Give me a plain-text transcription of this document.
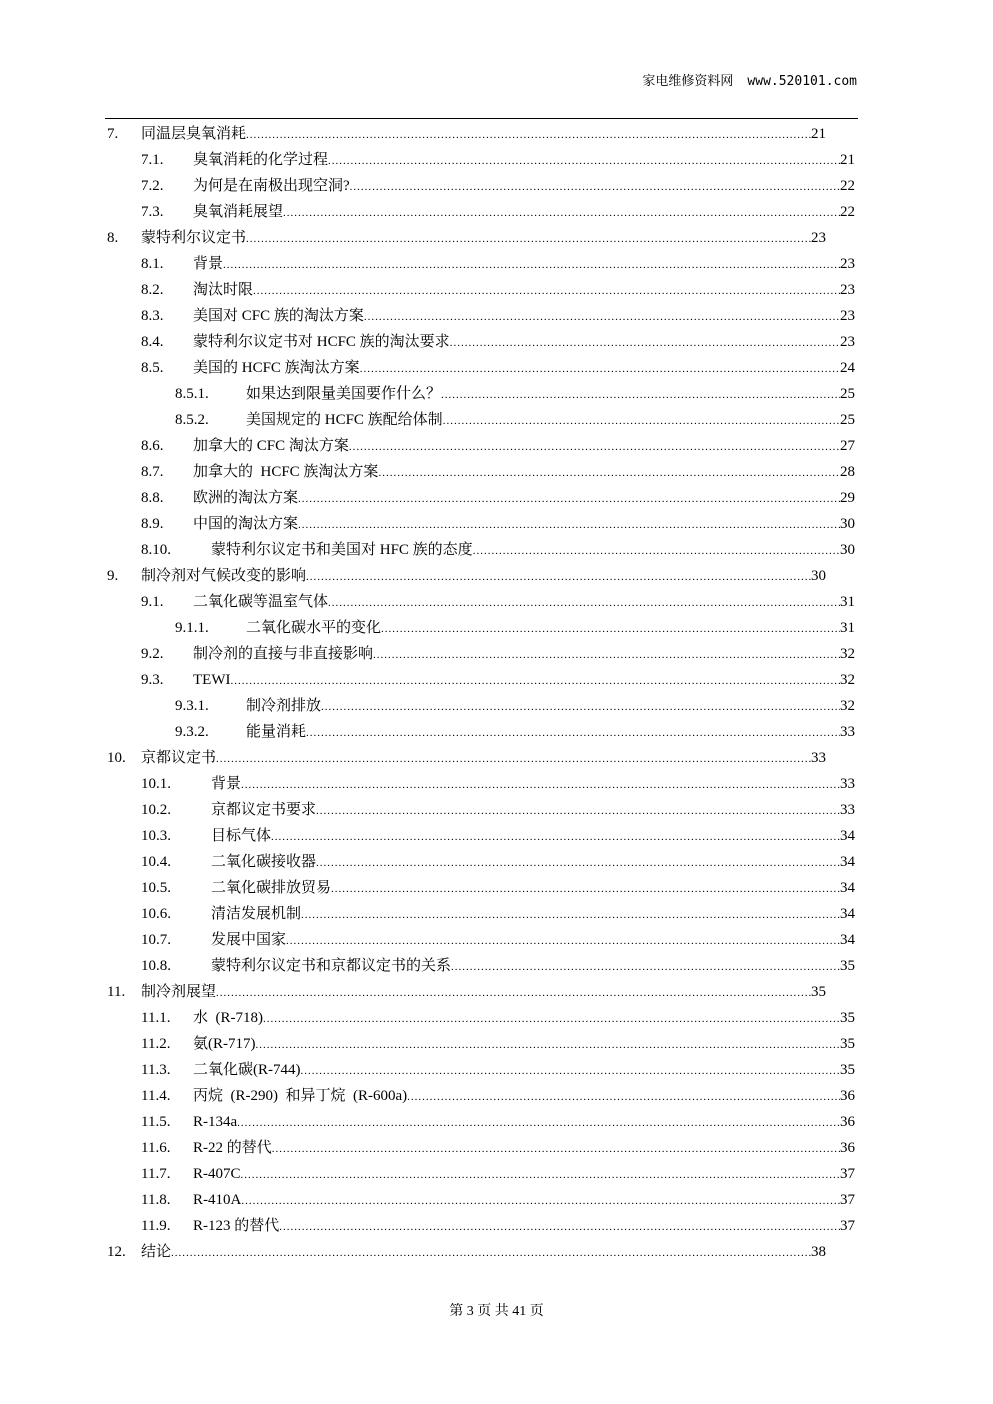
家电维修资料网 www.520101.com
7. 同温层臭氧消耗 .....	21
7.1. 臭氧消耗的化学过程 .....	21
7.2. 为何是在南极出现空洞? .....	22
7.3. 臭氧消耗展望 .....	22
8. 蒙特利尔议定书 .....	23
8.1. 背景 .....	23
8.2. 淘汰时限 .....	23
8.3. 美国对 CFC 族的淘汰方案 .....	23
8.4. 蒙特利尔议定书对 HCFC 族的淘汰要求 .....	23
8.5. 美国的 HCFC 族淘汰方案 .....	24
8.5.1. 如果达到限量美国要作什么？ .....	25
8.5.2. 美国规定的 HCFC 族配给体制 .....	25
8.6. 加拿大的 CFC 淘汰方案 .....	27
8.7. 加拿大的  HCFC 族淘汰方案 .....	28
8.8. 欧洲的淘汰方案 .....	29
8.9. 中国的淘汰方案 .....	30
8.10.	蒙特利尔议定书和美国对 HFC 族的态度 .....	30
9. 制冷剂对气候改变的影响 .....	30
9.1. 二氧化碳等温室气体 .....	31
9.1.1. 二氧化碳水平的变化 .....	31
9.2. 制冷剂的直接与非直接影响 .....	32
9.3. TEWI .....	32
9.3.1. 制冷剂排放 .....	32
9.3.2. 能量消耗 .....	33
10. 京都议定书 .....	33
10.1.	背景 .....	33
10.2.	京都议定书要求 .....	33
10.3.	目标气体 .....	34
10.4.	二氧化碳接收器 .....	34
10.5.	二氧化碳排放贸易 .....	34
10.6.	清洁发展机制 .....	34
10.7.	发展中国家 .....	34
10.8.	蒙特利尔议定书和京都议定书的关系 .....	35
11. 制冷剂展望 .....	35
11.1. 水  (R-718) .....	35
11.2. 氨(R-717) .....	35
11.3. 二氧化碳(R-744) .....	35
11.4. 丙烷  (R-290)  和异丁烷  (R-600a) .....	36
11.5. R-134a .....	36
11.6. R-22 的替代 .....	36
11.7. R-407C .....	37
11.8. R-410A .....	37
11.9. R-123 的替代 .....	37
12. 结论 .....	38
第 3 页 共 41 页
